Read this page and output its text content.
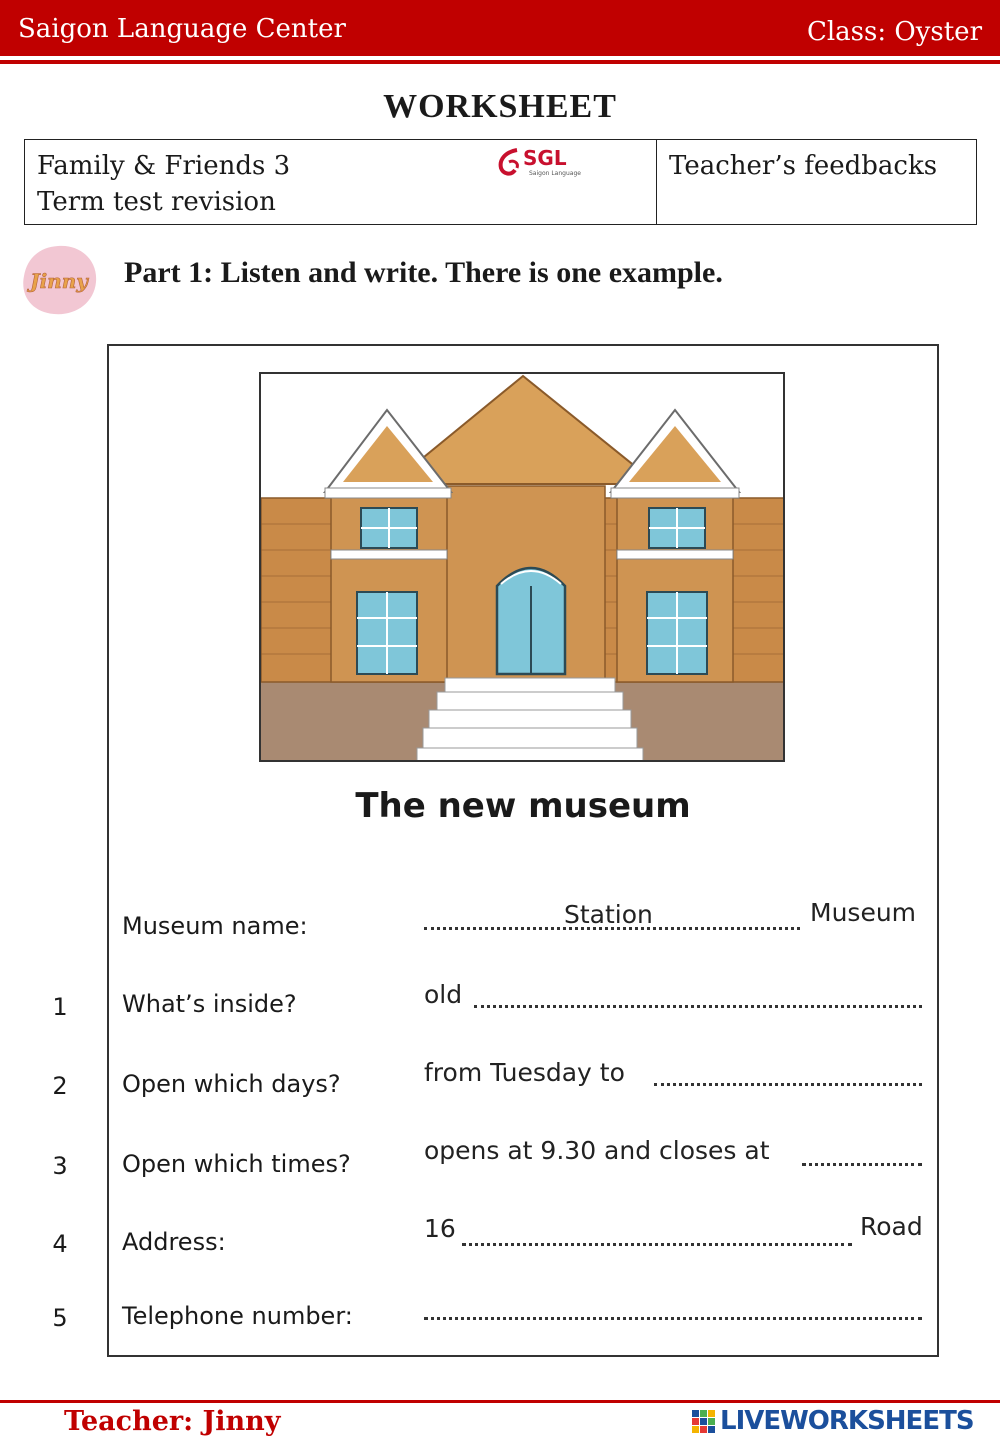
Saigon Language Center	Class: Oyster
WORKSHEET
Family & Friends 3
Term test revision
SGL
Saigon Language	Teacher’s feedbacks
Jinny Part 1: Listen and write. There is one example.
The new museum
Museum name:	Station	Museum
1	What’s inside?	old
2	Open which days?	from Tuesday to
3	Open which times?	opens at 9.30 and closes at
4	Address:	16	Road
5	Telephone number:
Teacher: Jinny	LIVEWORKSHEETS
